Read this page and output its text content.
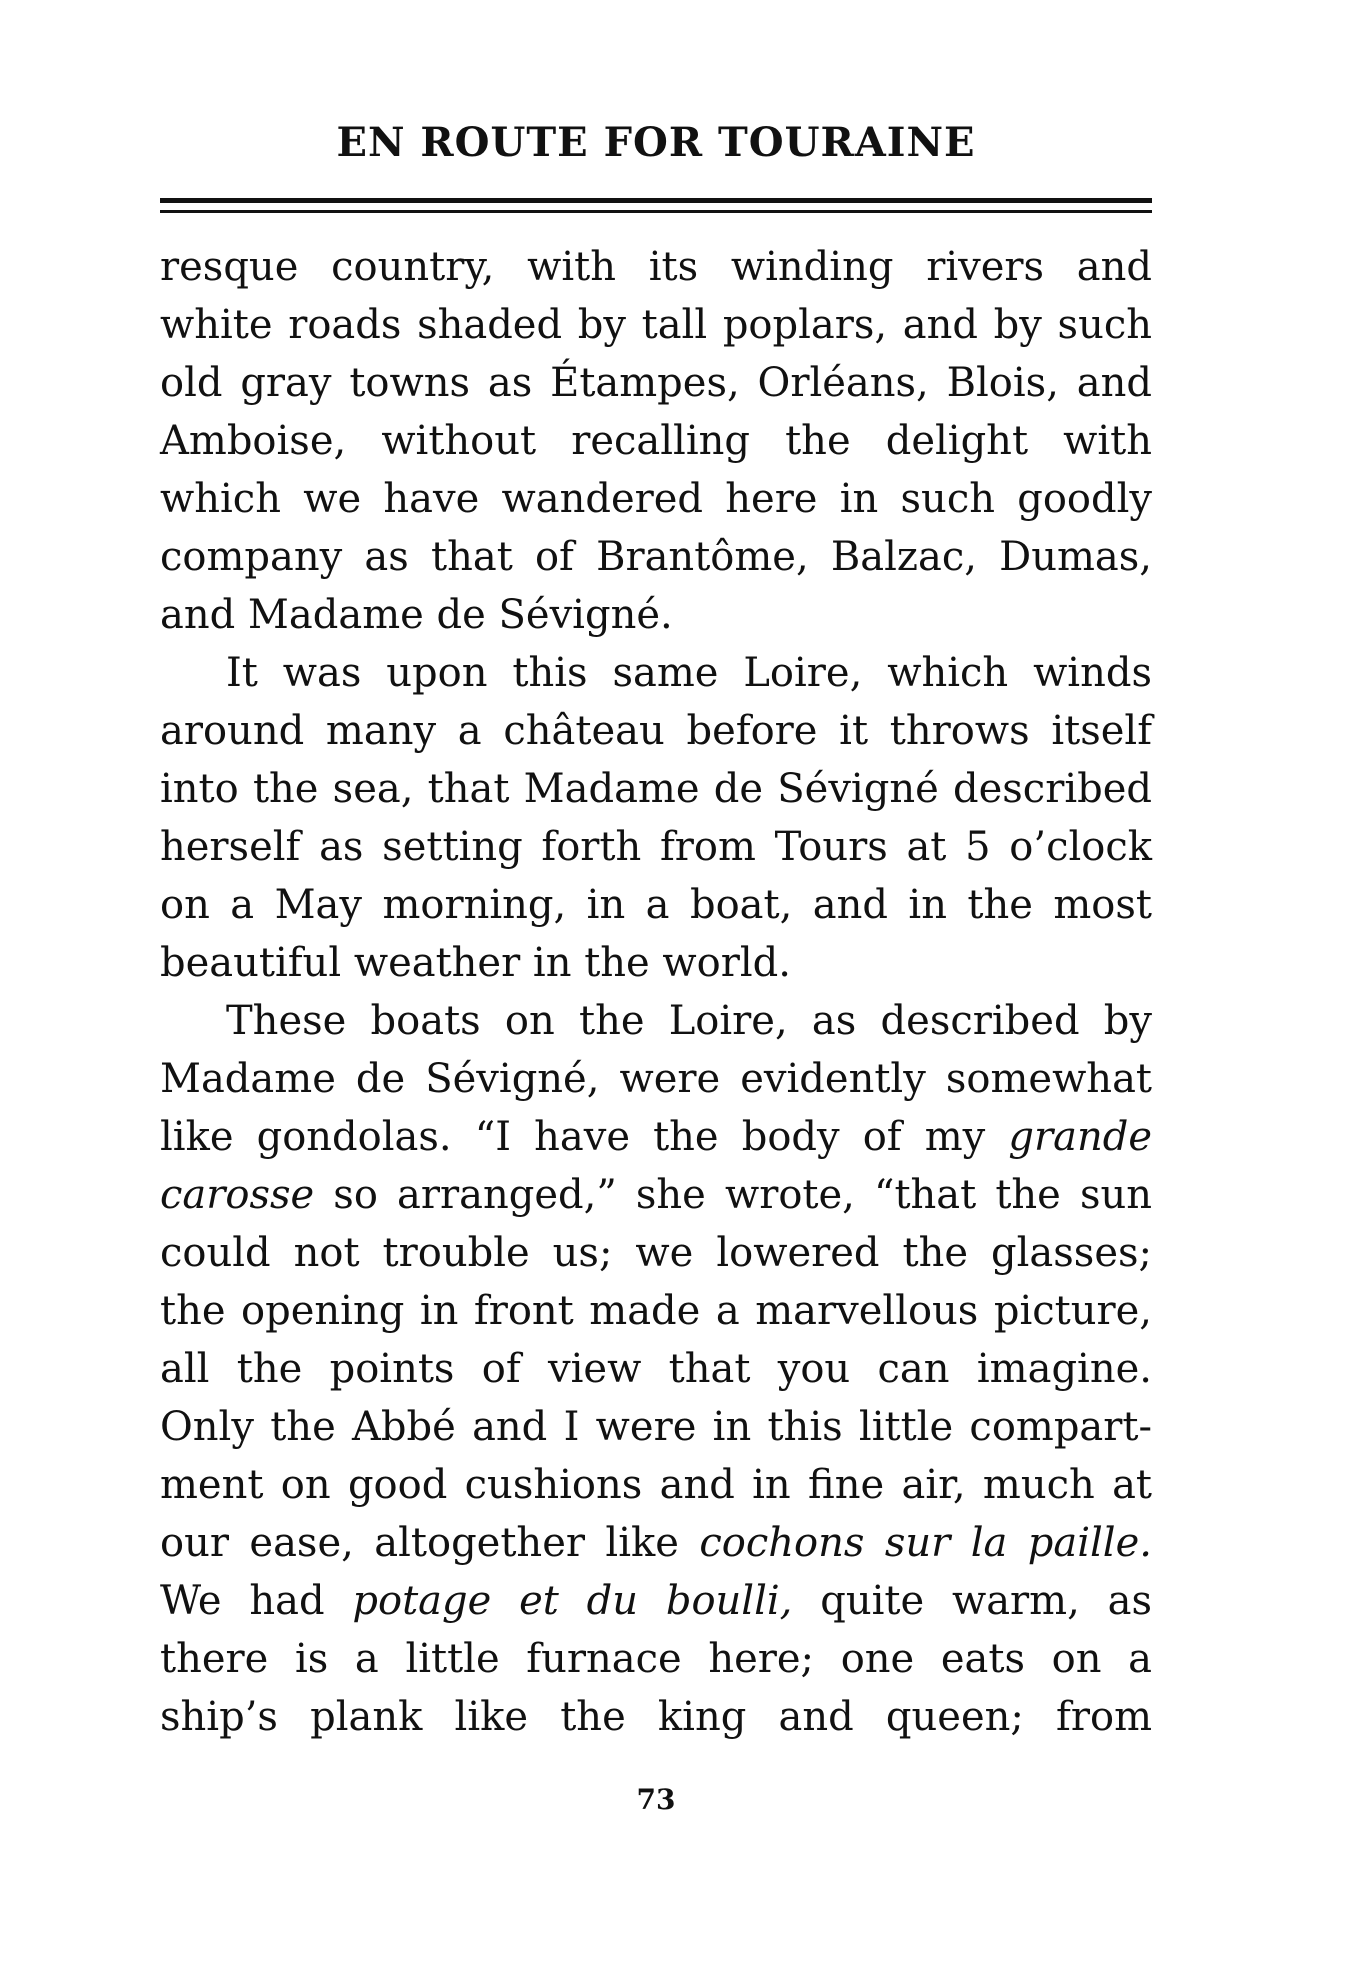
EN ROUTE FOR TOURAINE
resque country, with its winding rivers and
white roads shaded by tall poplars, and by such
old gray towns as Étampes, Orléans, Blois, and
Amboise, without recalling the delight with
which we have wandered here in such goodly
company as that of Brantôme, Balzac, Dumas,
and Madame de Sévigné.
It was upon this same Loire, which winds
around many a château before it throws itself
into the sea, that Madame de Sévigné described
herself as setting forth from Tours at 5 o’clock
on a May morning, in a boat, and in the most
beautiful weather in the world.
These boats on the Loire, as described by
Madame de Sévigné, were evidently somewhat
like gondolas. “I have the body of my grande
carosse so arranged,” she wrote, “that the sun
could not trouble us; we lowered the glasses;
the opening in front made a marvellous picture,
all the points of view that you can imagine.
Only the Abbé and I were in this little compart-
ment on good cushions and in fine air, much at
our ease, altogether like cochons sur la paille.
We had potage et du boulli, quite warm, as
there is a little furnace here; one eats on a
ship’s plank like the king and queen; from
73
